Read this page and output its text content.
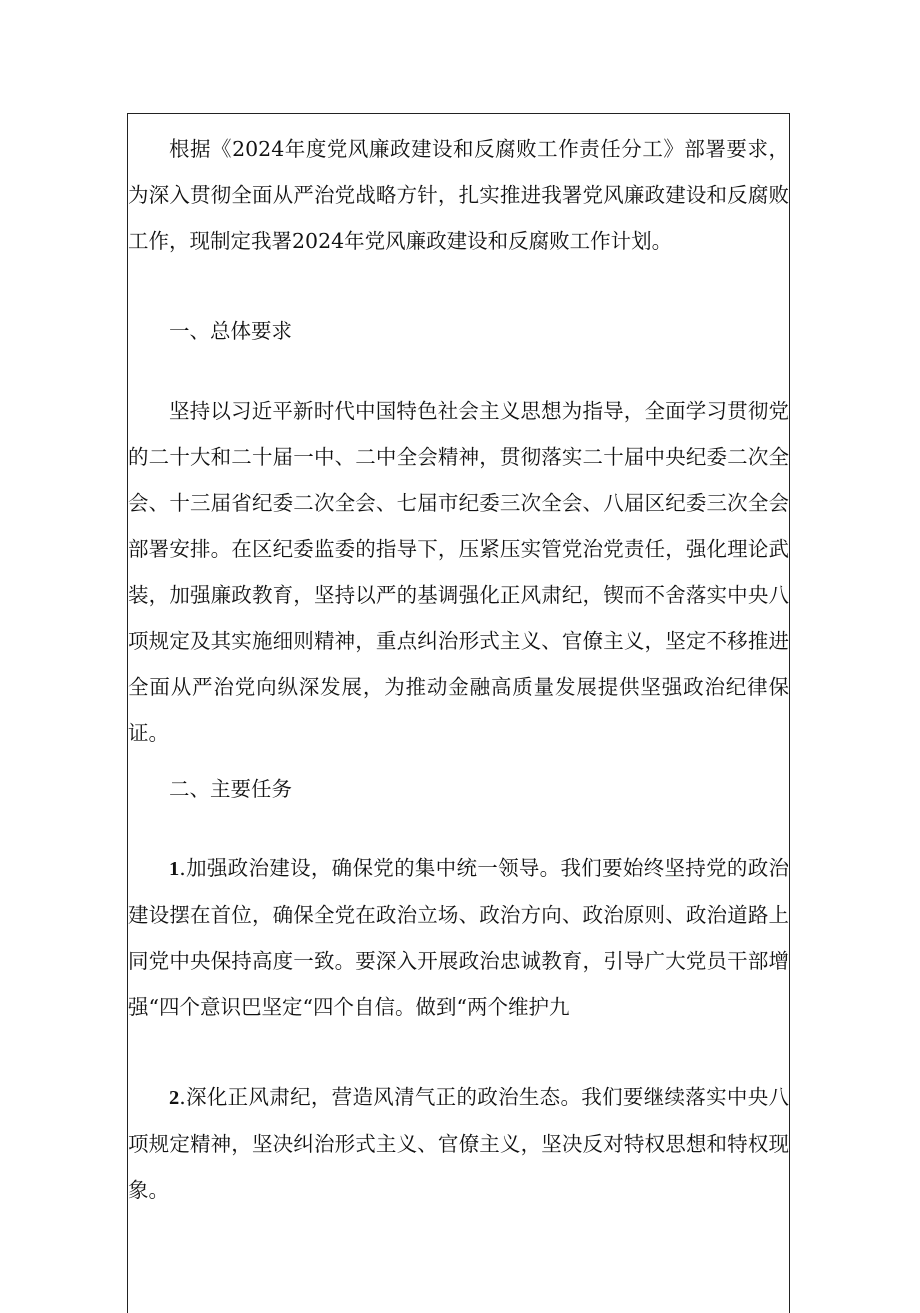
根据《2024年度党风廉政建设和反腐败工作责任分工》部署要求，为深入贯彻全面从严治党战略方针，扎实推进我署党风廉政建设和反腐败工作，现制定我署2024年党风廉政建设和反腐败工作计划。

一、总体要求

坚持以习近平新时代中国特色社会主义思想为指导，全面学习贯彻党的二十大和二十届一中、二中全会精神，贯彻落实二十届中央纪委二次全会、十三届省纪委二次全会、七届市纪委三次全会、八届区纪委三次全会部署安排。在区纪委监委的指导下，压紧压实管党治党责任，强化理论武装，加强廉政教育，坚持以严的基调强化正风肃纪，锲而不舍落实中央八项规定及其实施细则精神，重点纠治形式主义、官僚主义，坚定不移推进全面从严治党向纵深发展，为推动金融高质量发展提供坚强政治纪律保证。

二、主要任务

1.加强政治建设，确保党的集中统一领导。我们要始终坚持党的政治建设摆在首位，确保全党在政治立场、政治方向、政治原则、政治道路上同党中央保持高度一致。要深入开展政治忠诚教育，引导广大党员干部增强“四个意识巴坚定“四个自信。做到“两个维护九

2.深化正风肃纪，营造风清气正的政治生态。我们要继续落实中央八项规定精神，坚决纠治形式主义、官僚主义，坚决反对特权思想和特权现象。
